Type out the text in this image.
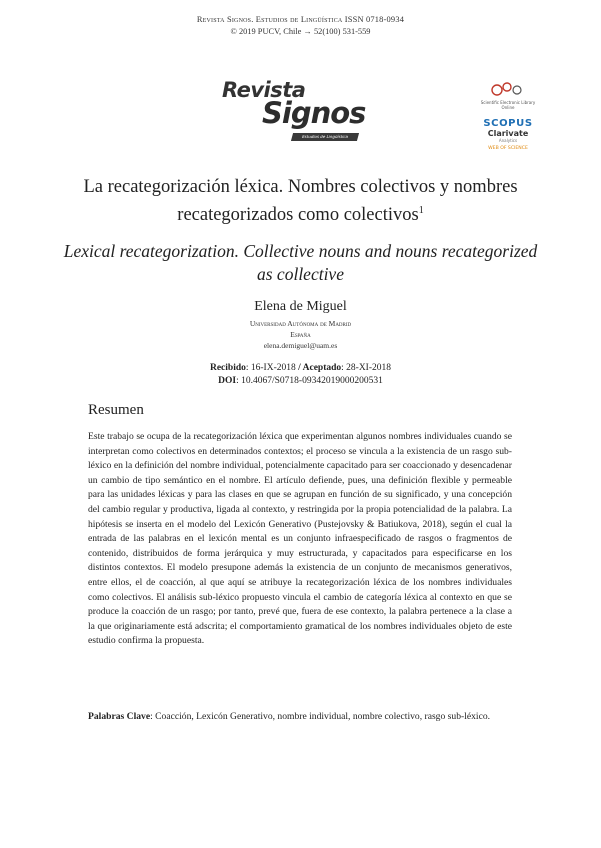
Revista Signos. Estudios de Lingüística ISSN 0718-0934
© 2019 PUCV, Chile → 52(100) 531-559
Revista
Signos
Estudios de Lingüística
Scientific Electronic Library Online
SCOPUS
Clarivate
Analytics
WEB OF SCIENCE
La recategorización léxica. Nombres colectivos y nombres recategorizados como colectivos$^1$
Lexical recategorization. Collective nouns and nouns recategorized as collective
Elena de Miguel
Universidad Autónoma de Madrid
España
elena.demiguel@uam.es
Recibido: 16-IX-2018 / Aceptado: 28-XI-2018
DOI: 10.4067/S0718-09342019000200531
Resumen

Este trabajo se ocupa de la recategorización léxica que experimentan algunos nombres individuales cuando se interpretan como colectivos en determinados contextos; el proceso se vincula a la existencia de un rasgo sub-léxico en la definición del nombre individual, potencialmente capacitado para ser coaccionado y desencadenar un cambio de tipo semántico en el nombre. El artículo defiende, pues, una definición flexible y permeable para las unidades léxicas y para las clases en que se agrupan en función de su significado, y una concepción del cambio regular y productiva, ligada al contexto, y restringida por la propia potencialidad de la palabra. La hipótesis se inserta en el modelo del Lexicón Generativo (Pustejovsky & Batiukova, 2018), según el cual la entrada de las palabras en el lexicón mental es un conjunto infraespecificado de rasgos o fragmentos de contenido, distribuidos de forma jerárquica y muy estructurada, y capacitados para especificarse en los distintos contextos. El modelo presupone además la existencia de un conjunto de mecanismos generativos, entre ellos, el de coacción, al que aquí se atribuye la recategorización léxica de los nombres individuales como colectivos. El análisis sub-léxico propuesto vincula el cambio de categoría léxica al contexto en que se produce la coacción de un rasgo; por tanto, prevé que, fuera de ese contexto, la palabra pertenece a la clase a la que originariamente está adscrita; el comportamiento gramatical de los nombres individuales objeto de este estudio confirma la propuesta.

Palabras Clave: Coacción, Lexicón Generativo, nombre individual, nombre colectivo, rasgo sub-léxico.
